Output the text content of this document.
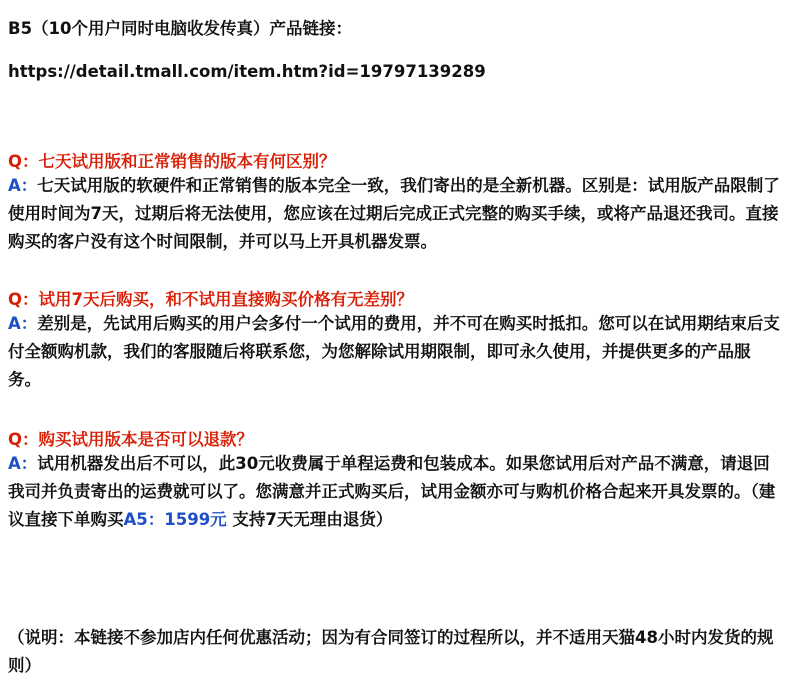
B5（10个用户同时电脑收发传真）产品链接：
https://detail.tmall.com/item.htm?id=19797139289
Q：七天试用版和正常销售的版本有何区别？
A：七天试用版的软硬件和正常销售的版本完全一致，我们寄出的是全新机器。区别是：试用版产品限制了使用时间为7天，过期后将无法使用，您应该在过期后完成正式完整的购买手续，或将产品退还我司。直接购买的客户没有这个时间限制，并可以马上开具机器发票。
Q：试用7天后购买，和不试用直接购买价格有无差别？
A：差别是，先试用后购买的用户会多付一个试用的费用，并不可在购买时抵扣。您可以在试用期结束后支付全额购机款，我们的客服随后将联系您，为您解除试用期限制，即可永久使用，并提供更多的产品服务。
Q：购买试用版本是否可以退款？
A：试用机器发出后不可以，此30元收费属于单程运费和包装成本。如果您试用后对产品不满意，请退回我司并负责寄出的运费就可以了。您满意并正式购买后，试用金额亦可与购机价格合起来开具发票的。（建议直接下单购买A5：1599元 支持7天无理由退货）
（说明：本链接不参加店内任何优惠活动；因为有合同签订的过程所以，并不适用天猫48小时内发货的规则）
